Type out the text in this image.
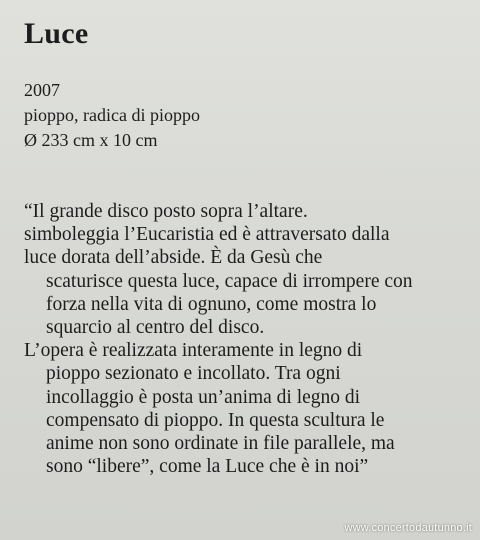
Luce
2007
pioppo, radica di pioppo
Ø 233 cm x 10 cm
“Il grande disco posto sopra l’altare.
simboleggia l’Eucaristia ed è attraversato dalla
luce dorata dell’abside. È da Gesù che
scaturisce questa luce, capace di irrompere con
forza nella vita di ognuno, come mostra lo
squarcio al centro del disco.
L’opera è realizzata interamente in legno di
pioppo sezionato e incollato. Tra ogni
incollaggio è posta un’anima di legno di
compensato di pioppo. In questa scultura le
anime non sono ordinate in file parallele, ma
sono “libere”, come la Luce che è in noi”
www.concertodautunno.it
